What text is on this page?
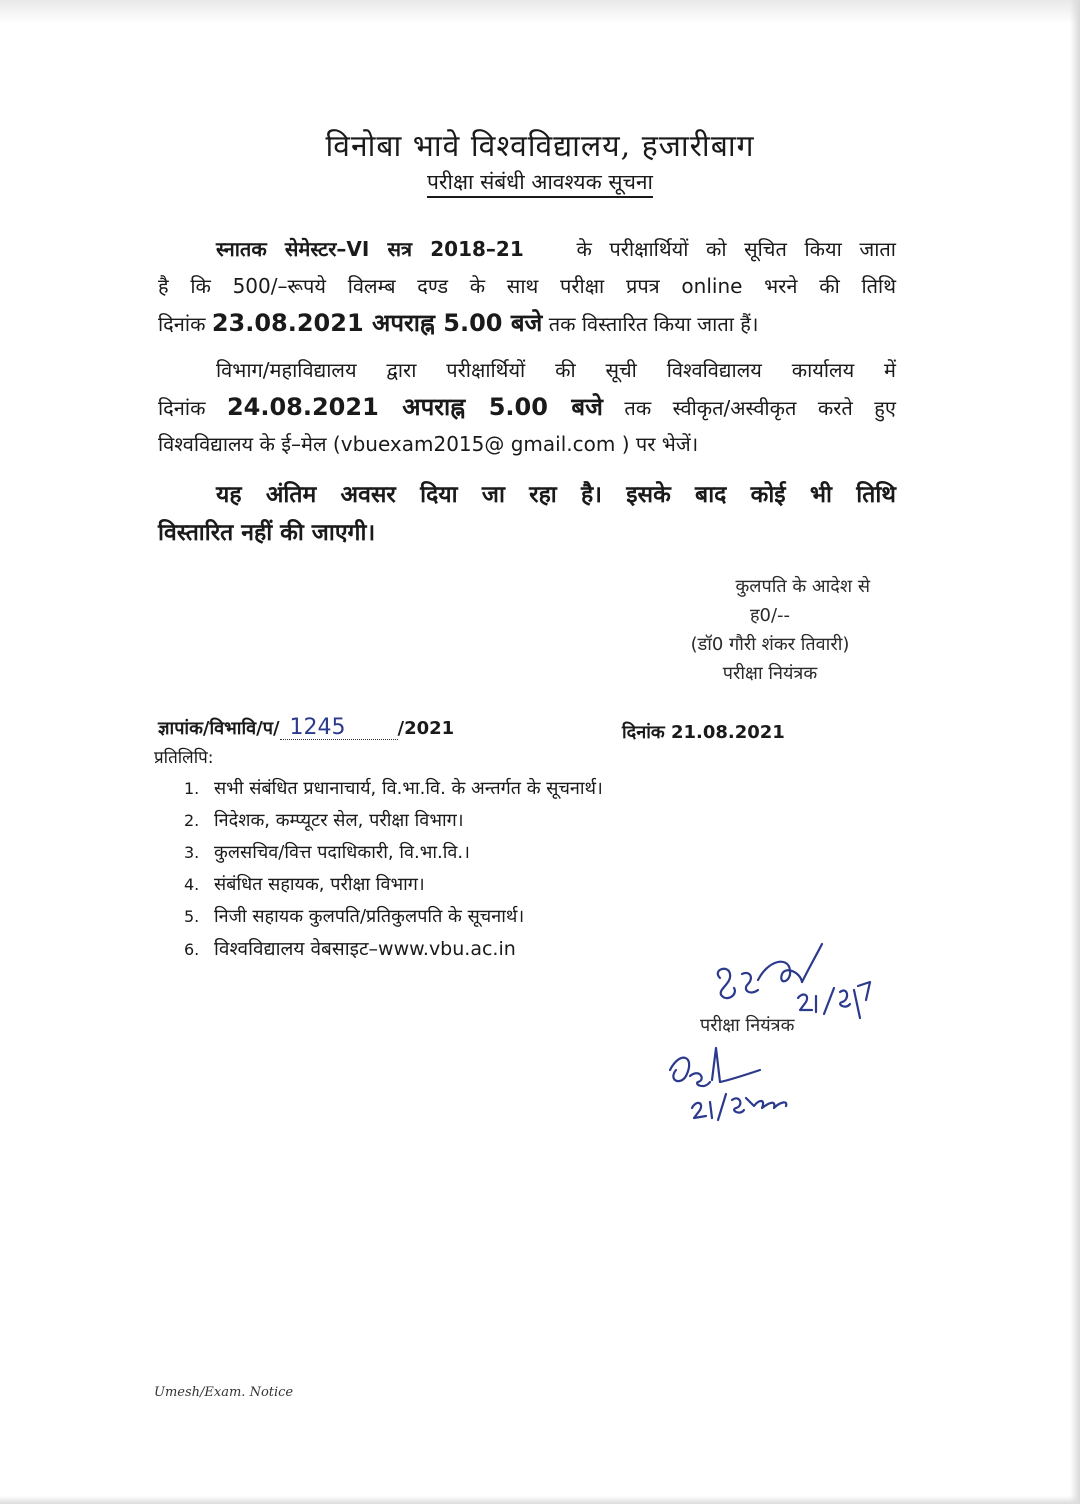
विनोबा भावे विश्वविद्यालय, हजारीबाग
परीक्षा संबंधी आवश्यक सूचना
स्नातक सेमेस्टर–VI सत्र 2018–21	के परीक्षार्थियों को सूचित किया जाता
है कि 500/–रूपये विलम्ब दण्ड के साथ परीक्षा प्रपत्र online भरने की तिथि
दिनांक 23.08.2021 अपराह्न 5.00 बजे तक विस्तारित किया जाता हैं।
विभाग/महाविद्यालय द्वारा परीक्षार्थियों की सूची विश्वविद्यालय कार्यालय में
दिनांक 24.08.2021 अपराह्न 5.00 बजे तक स्वीकृत/अस्वीकृत करते हुए
विश्वविद्यालय के ई–मेल (vbuexam2015@ gmail.com ) पर भेजें।
यह अंतिम अवसर दिया जा रहा है। इसके बाद कोई भी तिथि
विस्तारित नहीं की जाएगी।
कुलपति के आदेश से
ह0/--
(डॉ0 गौरी शंकर तिवारी)
परीक्षा नियंत्रक
ज्ञापांक/विभावि/प/ 1245	/2021	दिनांक 21.08.2021
प्रतिलिपि:
1. सभी संबंधित प्रधानाचार्य, वि.भा.वि. के अन्तर्गत के सूचनार्थ।
2. निदेशक, कम्प्यूटर सेल, परीक्षा विभाग।
3. कुलसचिव/वित्त पदाधिकारी, वि.भा.वि.।
4. संबंधित सहायक, परीक्षा विभाग।
5. निजी सहायक कुलपति/प्रतिकुलपति के सूचनार्थ।
6. विश्वविद्यालय वेबसाइट–www.vbu.ac.in
परीक्षा नियंत्रक
Umesh/Exam. Notice
